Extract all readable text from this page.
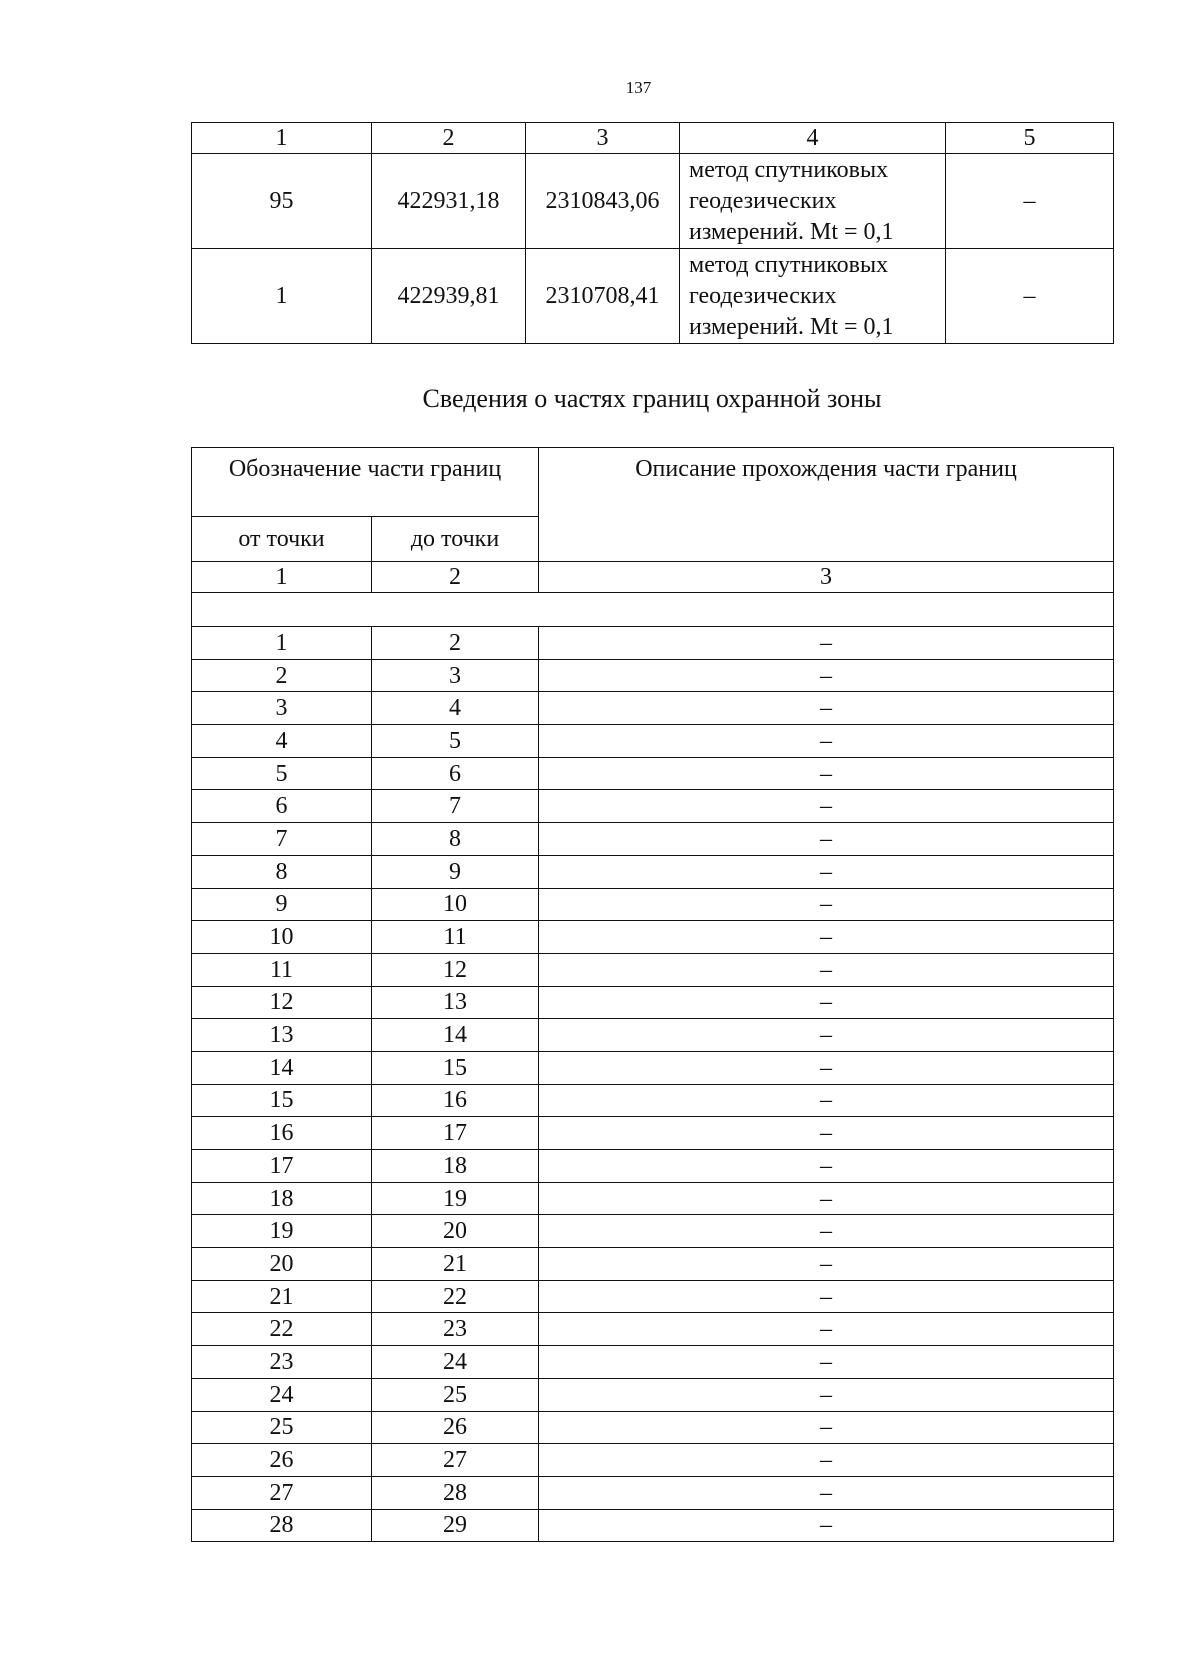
137
1	2	3	4	5
95	422931,18	2310843,06	метод спутниковых
геодезических
измерений. Mt = 0,1	–
1	422939,81	2310708,41	метод спутниковых
геодезических
измерений. Mt = 0,1	–
Сведения о частях границ охранной зоны
Обозначение части границ		Описание прохождения части границ
от точки	до точки	
1	2	3

1	2	–
2	3	–
3	4	–
4	5	–
5	6	–
6	7	–
7	8	–
8	9	–
9	10	–
10	11	–
11	12	–
12	13	–
13	14	–
14	15	–
15	16	–
16	17	–
17	18	–
18	19	–
19	20	–
20	21	–
21	22	–
22	23	–
23	24	–
24	25	–
25	26	–
26	27	–
27	28	–
28	29	–
